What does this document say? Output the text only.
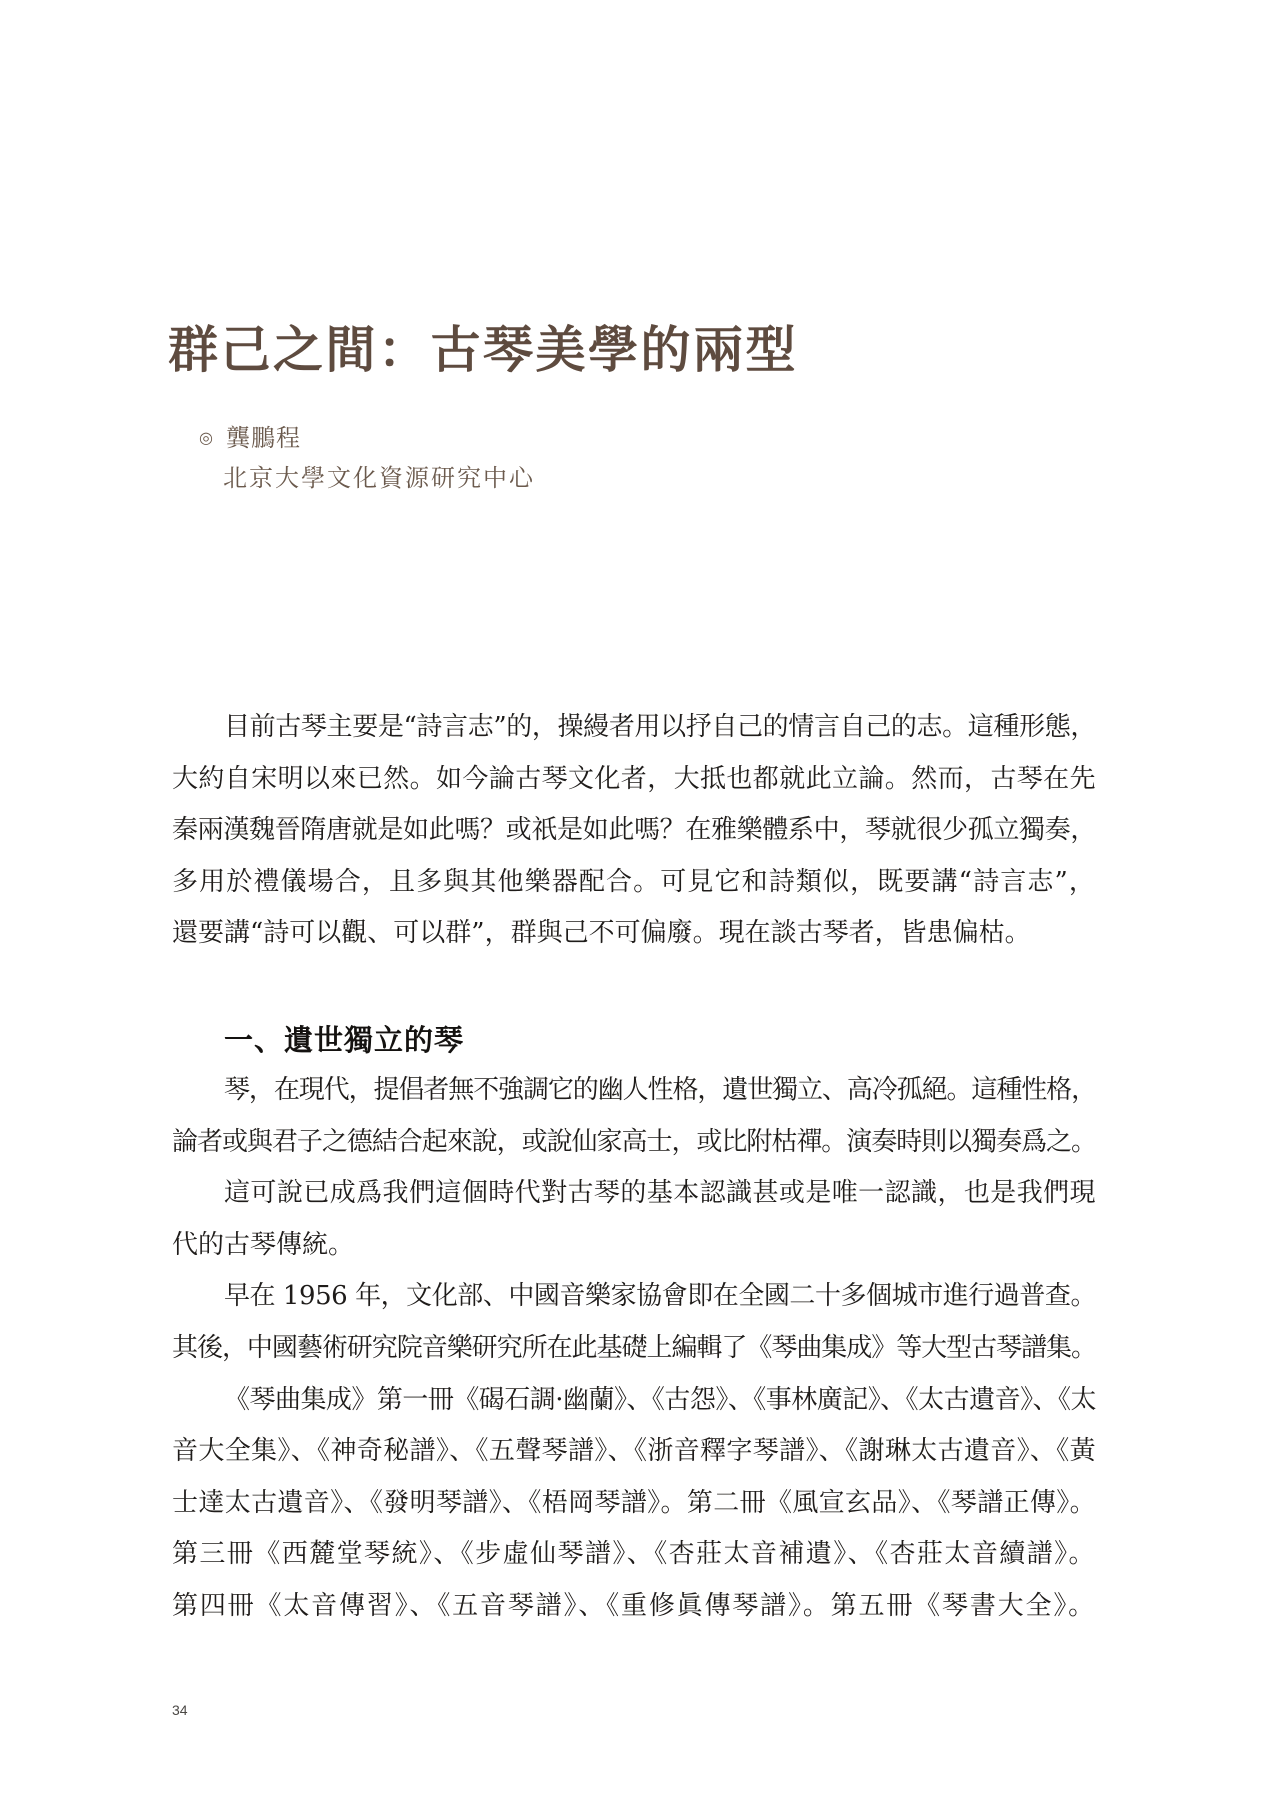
群己之間：古琴美學的兩型
◎ 龔鵬程
北京大學文化資源研究中心
目前古琴主要是“詩言志”的，操縵者用以抒自己的情言自己的志。這種形態，
大約自宋明以來已然。如今論古琴文化者，大抵也都就此立論。然而，古琴在先
秦兩漢魏晉隋唐就是如此嗎？或祇是如此嗎？在雅樂體系中，琴就很少孤立獨奏，
多用於禮儀場合，且多與其他樂器配合。可見它和詩類似，既要講“詩言志”，
還要講“詩可以觀、可以群”，群與己不可偏廢。現在談古琴者，皆患偏枯。
一、遺世獨立的琴
琴，在現代，提倡者無不強調它的幽人性格，遺世獨立、高冷孤絕。這種性格，
論者或與君子之德結合起來說，或說仙家高士，或比附枯禪。演奏時則以獨奏爲之。
這可說已成爲我們這個時代對古琴的基本認識甚或是唯一認識，也是我們現
代的古琴傳統。
早在 1956 年，文化部、中國音樂家協會即在全國二十多個城市進行過普查。
其後，中國藝術研究院音樂研究所在此基礎上編輯了《琴曲集成》等大型古琴譜集。
《琴曲集成》第一冊《碣石調·幽蘭》、《古怨》、《事林廣記》、《太古遺音》、《太
音大全集》、《神奇秘譜》、《五聲琴譜》、《浙音釋字琴譜》、《謝琳太古遺音》、《黃
士達太古遺音》、《發明琴譜》、《梧岡琴譜》。第二冊《風宣玄品》、《琴譜正傳》。
第三冊《西麓堂琴統》、《步虛仙琴譜》、《杏莊太音補遺》、《杏莊太音續譜》。
第四冊《太音傳習》、《五音琴譜》、《重修眞傳琴譜》。第五冊《琴書大全》。
34
